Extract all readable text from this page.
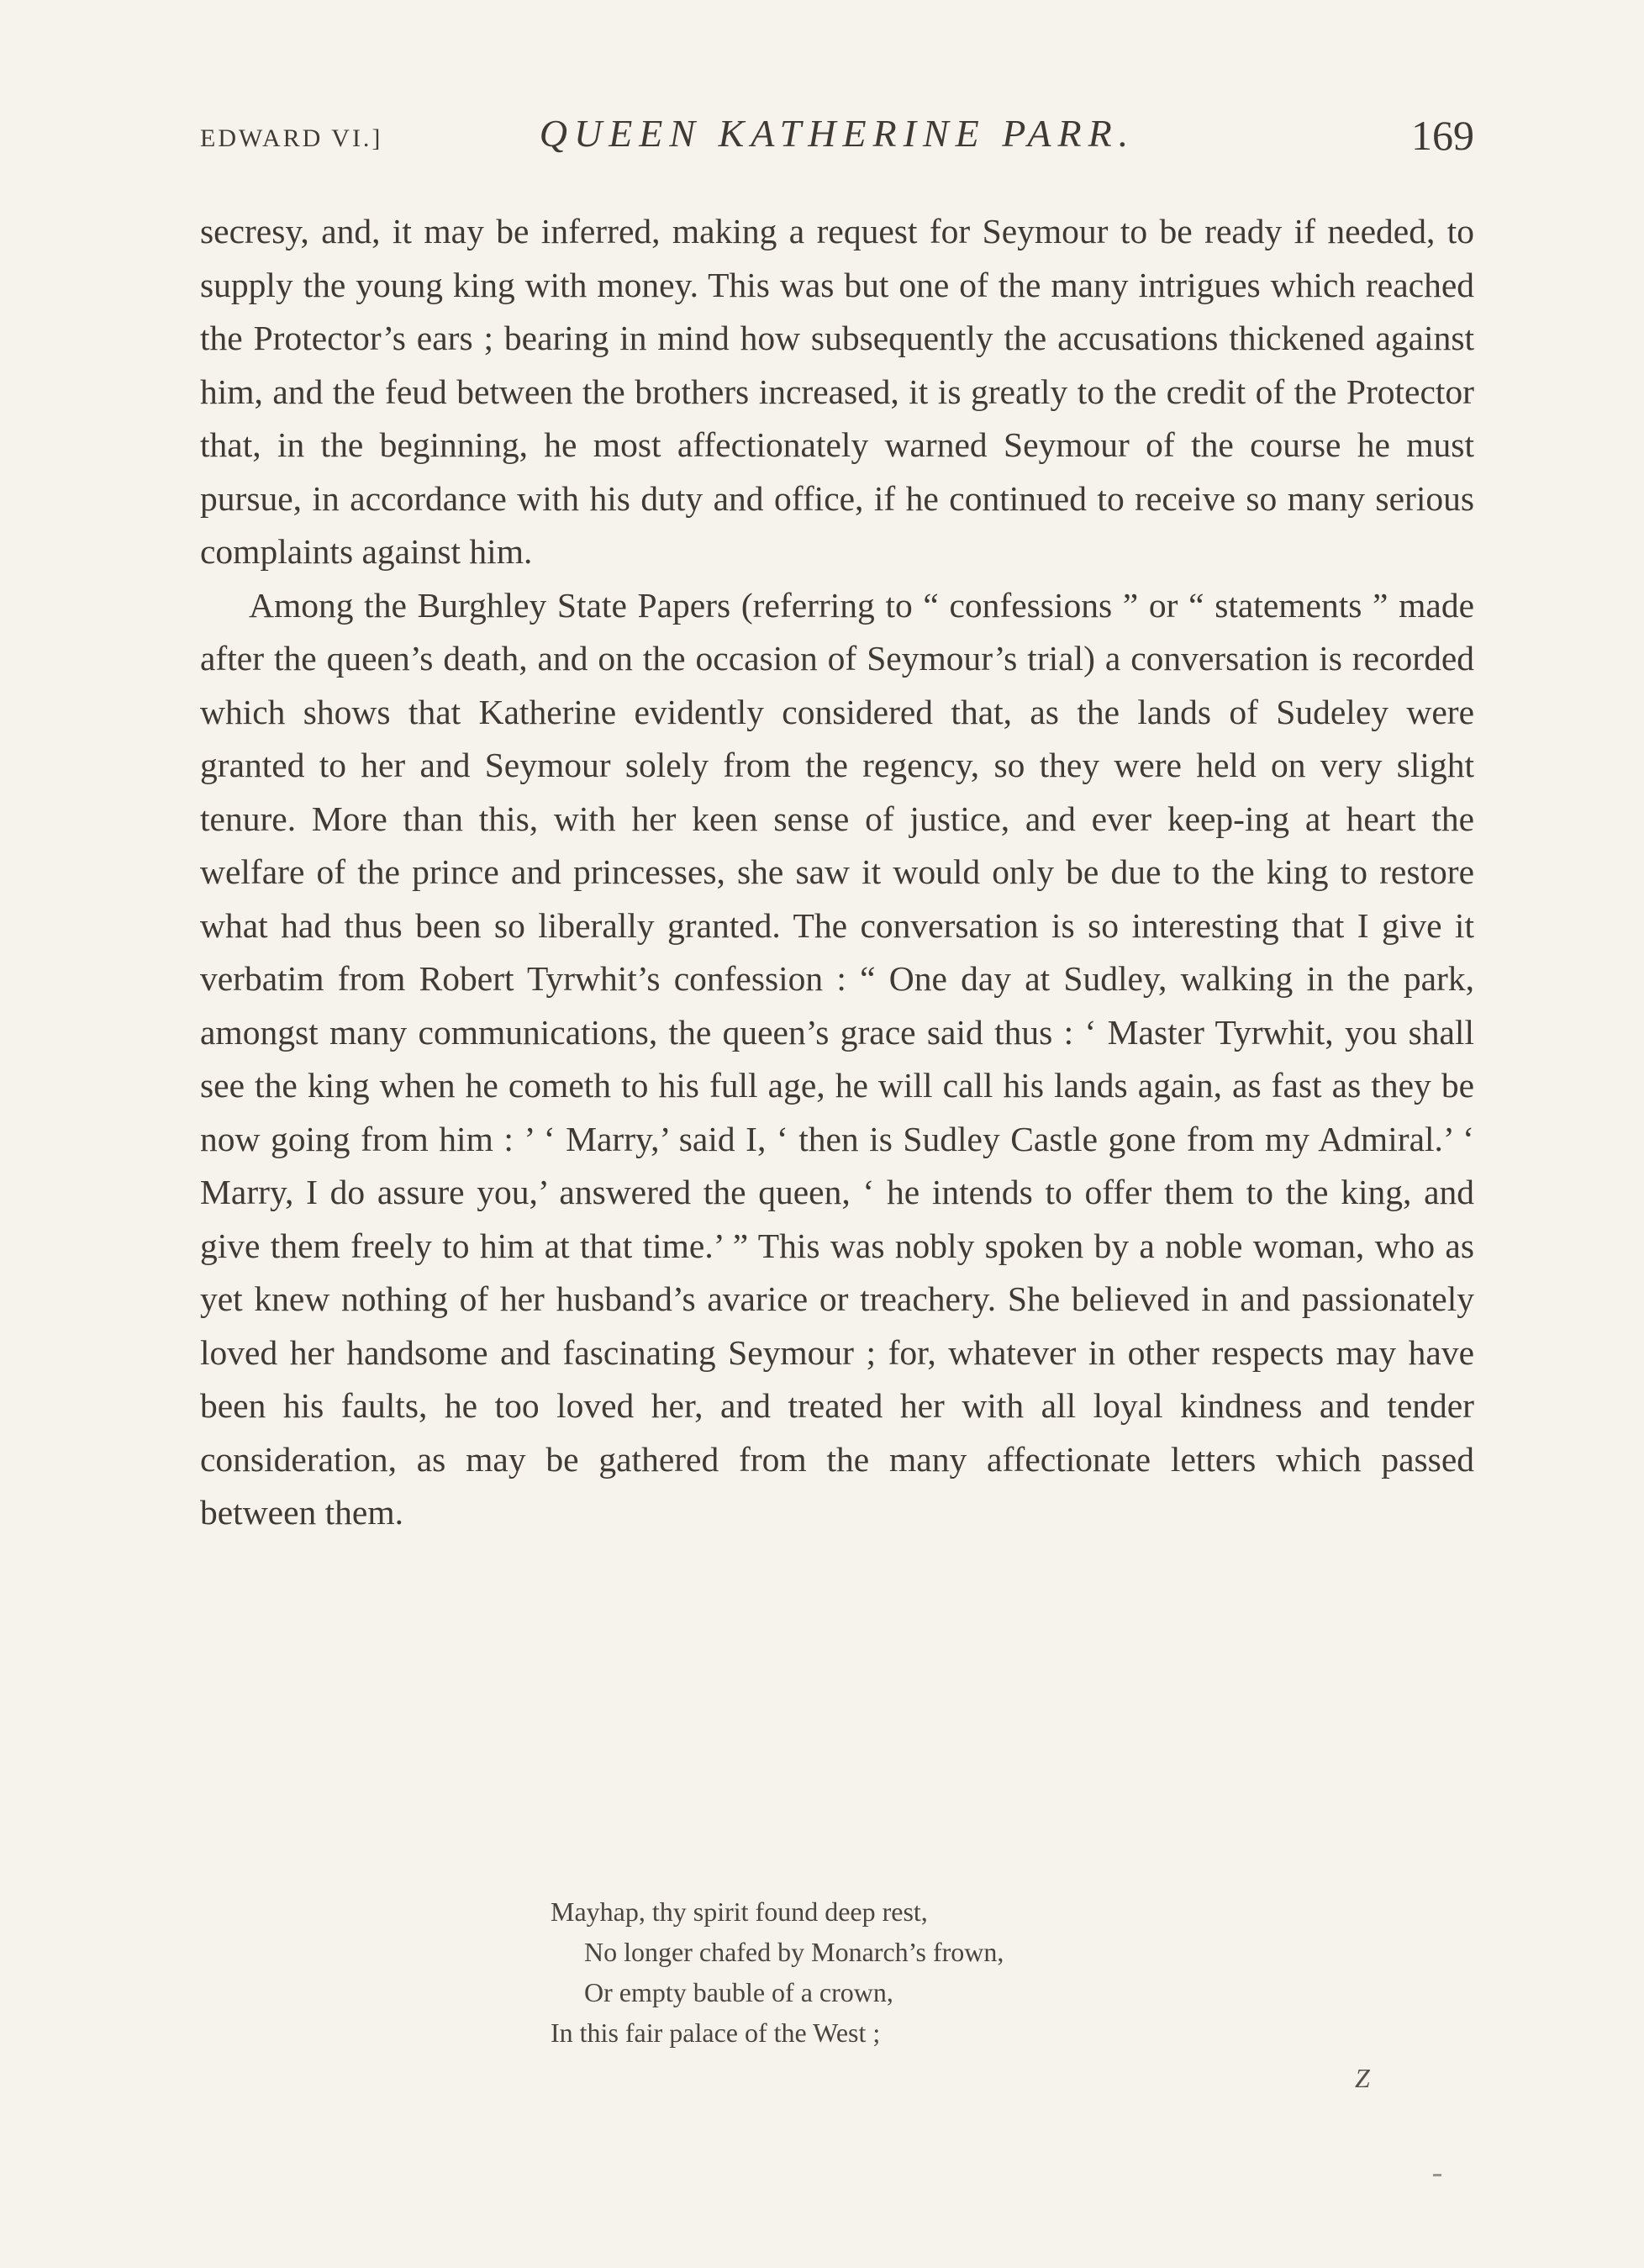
EDWARD VI.]	QUEEN KATHERINE PARR.	169

secresy, and, it may be inferred, making a request for Seymour to be ready if needed, to supply the young king with money. This was but one of the many intrigues which reached the Protector’s ears ; bearing in mind how subsequently the accusations thickened against him, and the feud between the brothers increased, it is greatly to the credit of the Protector that, in the beginning, he most affectionately warned Seymour of the course he must pursue, in accordance with his duty and office, if he continued to receive so many serious complaints against him.

Among the Burghley State Papers (referring to “ confessions ” or “ statements ” made after the queen’s death, and on the occasion of Seymour’s trial) a conversation is recorded which shows that Katherine evidently considered that, as the lands of Sudeley were granted to her and Seymour solely from the regency, so they were held on very slight tenure. More than this, with her keen sense of justice, and ever keep-ing at heart the welfare of the prince and princesses, she saw it would only be due to the king to restore what had thus been so liberally granted. The conversation is so interesting that I give it verbatim from Robert Tyrwhit’s confession : “ One day at Sudley, walking in the park, amongst many communications, the queen’s grace said thus : ‘ Master Tyrwhit, you shall see the king when he cometh to his full age, he will call his lands again, as fast as they be now going from him : ’ ‘ Marry,’ said I, ‘ then is Sudley Castle gone from my Admiral.’ ‘ Marry, I do assure you,’ answered the queen, ‘ he intends to offer them to the king, and give them freely to him at that time.’ ” This was nobly spoken by a noble woman, who as yet knew nothing of her husband’s avarice or treachery. She believed in and passionately loved her handsome and fascinating Seymour ; for, whatever in other respects may have been his faults, he too loved her, and treated her with all loyal kindness and tender consideration, as may be gathered from the many affectionate letters which passed between them.

Mayhap, thy spirit found deep rest,
No longer chafed by Monarch’s frown,
Or empty bauble of a crown,
In this fair palace of the West ;
Z
